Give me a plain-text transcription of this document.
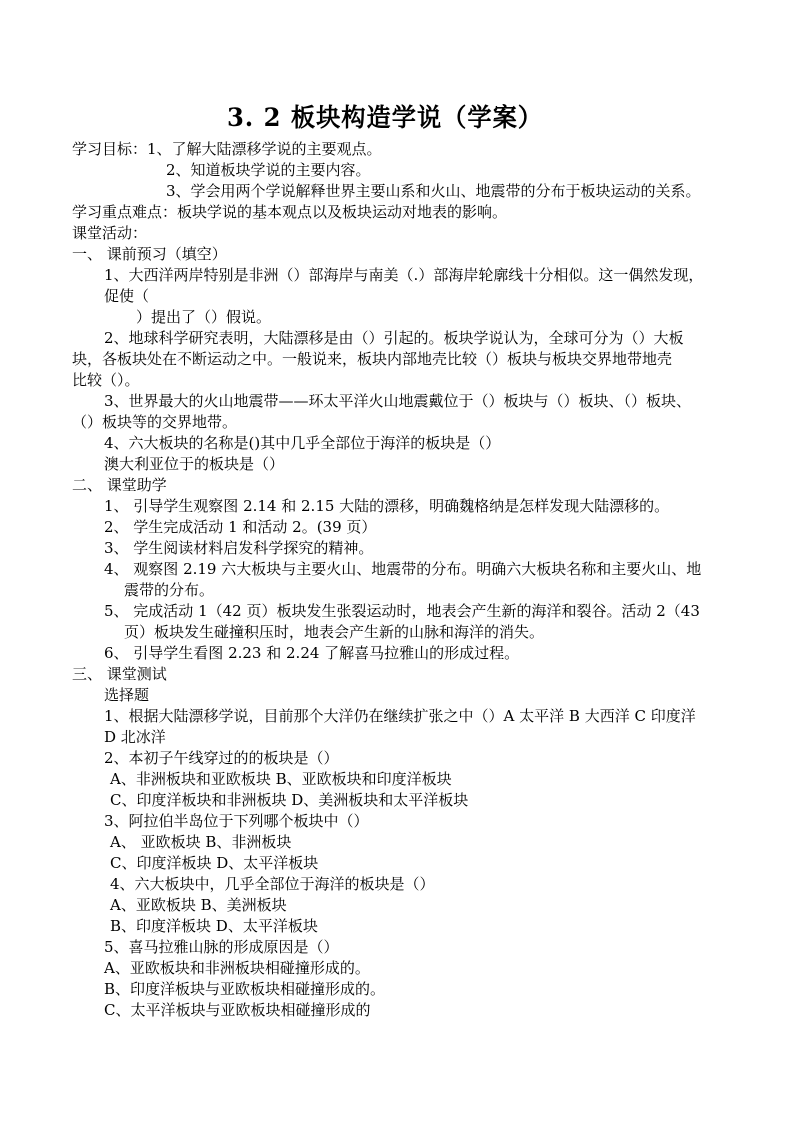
3. 2 板块构造学说（学案）
学习目标：1、了解大陆漂移学说的主要观点。
2、知道板块学说的主要内容。
3、学会用两个学说解释世界主要山系和火山、地震带的分布于板块运动的关系。
学习重点难点：板块学说的基本观点以及板块运动对地表的影响。
课堂活动：
一、 课前预习（填空）
1、大西洋两岸特别是非洲（）部海岸与南美（.）部海岸轮廓线十分相似。这一偶然发现，
促使（
）提出了（）假说。
2、地球科学研究表明，大陆漂移是由（）引起的。板块学说认为，全球可分为（）大板
块，各板块处在不断运动之中。一般说来，板块内部地壳比较（）板块与板块交界地带地壳
比较（）。
3、世界最大的火山地震带——环太平洋火山地震戴位于（）板块与（）板块、（）板块、
（）板块等的交界地带。
4、六大板块的名称是()其中几乎全部位于海洋的板块是（）
澳大利亚位于的板块是（）
二、 课堂助学
1、 引导学生观察图 2.14 和 2.15 大陆的漂移，明确魏格纳是怎样发现大陆漂移的。
2、 学生完成活动 1 和活动 2。(39 页）
3、 学生阅读材料启发科学探究的精神。
4、 观察图 2.19 六大板块与主要火山、地震带的分布。明确六大板块名称和主要火山、地
震带的分布。
5、 完成活动 1（42 页）板块发生张裂运动时，地表会产生新的海洋和裂谷。活动 2（43
页）板块发生碰撞积压时，地表会产生新的山脉和海洋的消失。
6、 引导学生看图 2.23 和 2.24 了解喜马拉雅山的形成过程。
三、 课堂测试
选择题
1、根据大陆漂移学说，目前那个大洋仍在继续扩张之中（）A 太平洋 B 大西洋 C 印度洋
D 北冰洋
2、本初子午线穿过的的板块是（）
A、非洲板块和亚欧板块 B、亚欧板块和印度洋板块
C、印度洋板块和非洲板块 D、美洲板块和太平洋板块
3、阿拉伯半岛位于下列哪个板块中（）
A、 亚欧板块 B、非洲板块
C、印度洋板块 D、太平洋板块
4、六大板块中，几乎全部位于海洋的板块是（）
A、亚欧板块 B、美洲板块
B、印度洋板块 D、太平洋板块
5、喜马拉雅山脉的形成原因是（）
A、亚欧板块和非洲板块相碰撞形成的。
B、印度洋板块与亚欧板块相碰撞形成的。
C、太平洋板块与亚欧板块相碰撞形成的
